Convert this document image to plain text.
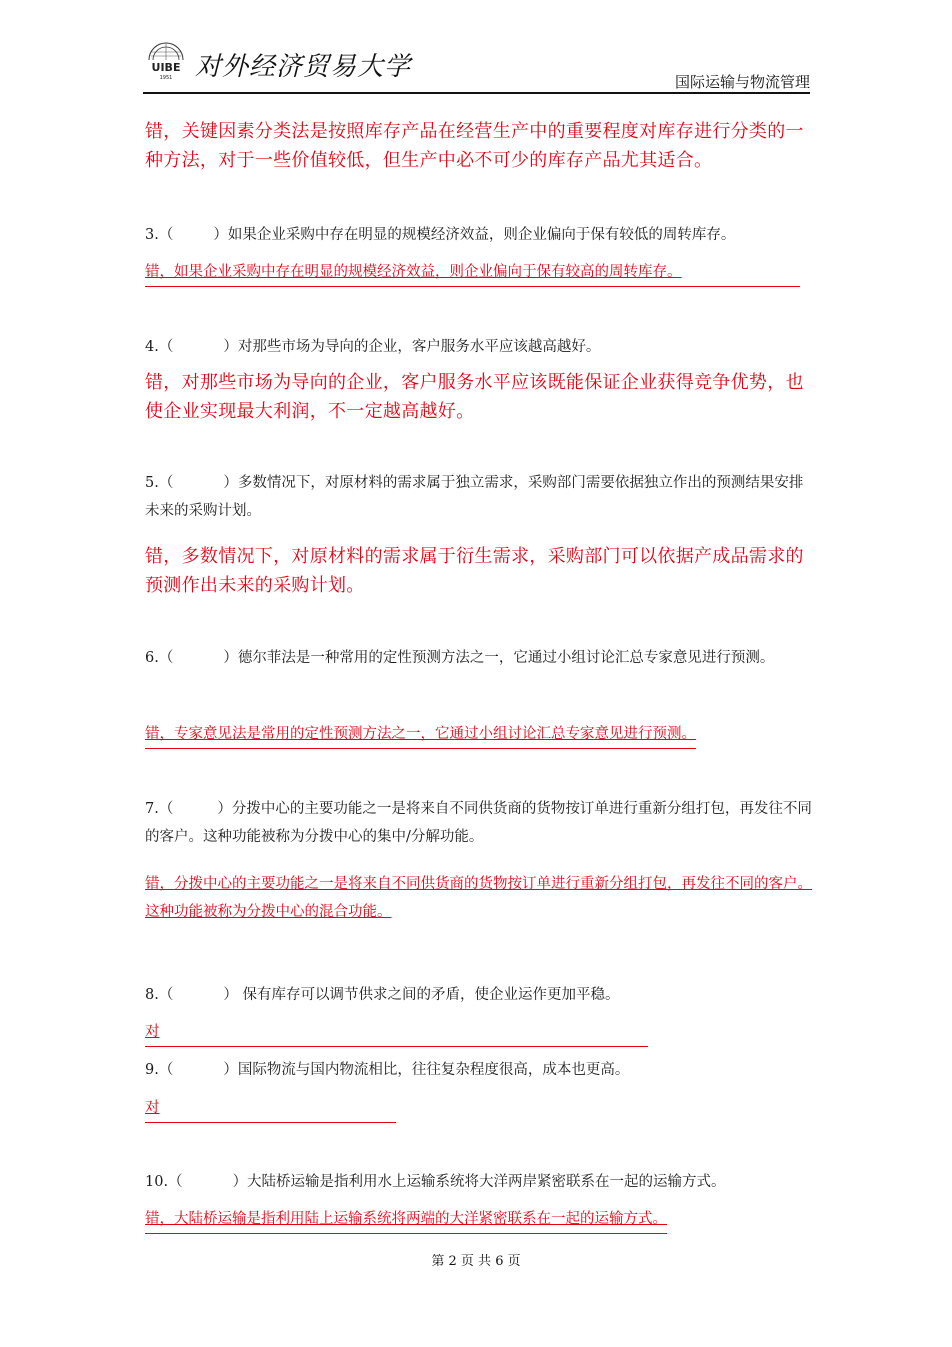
UIBE
1951 对外经济贸易大学	国际运输与物流管理
错，关键因素分类法是按照库存产品在经营生产中的重要程度对库存进行分类的一种方法，对于一些价值较低，但生产中必不可少的库存产品尤其适合。
3.（	）如果企业采购中存在明显的规模经济效益，则企业偏向于保有较低的周转库存。
错，如果企业采购中存在明显的规模经济效益，则企业偏向于保有较高的周转库存。
4.（	）对那些市场为导向的企业，客户服务水平应该越高越好。
错，对那些市场为导向的企业，客户服务水平应该既能保证企业获得竞争优势，也使企业实现最大利润，不一定越高越好。
5.（	）多数情况下，对原材料的需求属于独立需求，采购部门需要依据独立作出的预测结果安排未来的采购计划。
错，多数情况下，对原材料的需求属于衍生需求，采购部门可以依据产成品需求的预测作出未来的采购计划。
6.（	）德尔菲法是一种常用的定性预测方法之一，它通过小组讨论汇总专家意见进行预测。
错，专家意见法是常用的定性预测方法之一，它通过小组讨论汇总专家意见进行预测。
7.（	）分拨中心的主要功能之一是将来自不同供货商的货物按订单进行重新分组打包，再发往不同的客户。这种功能被称为分拨中心的集中/分解功能。
错，分拨中心的主要功能之一是将来自不同供货商的货物按订单进行重新分组打包，再发往不同的客户。这种功能被称为分拨中心的混合功能。
8.（	） 保有库存可以调节供求之间的矛盾，使企业运作更加平稳。
对
9.（	）国际物流与国内物流相比，往往复杂程度很高，成本也更高。
对
10.（	）大陆桥运输是指利用水上运输系统将大洋两岸紧密联系在一起的运输方式。
错，大陆桥运输是指利用陆上运输系统将两端的大洋紧密联系在一起的运输方式。
第 2 页 共 6 页
